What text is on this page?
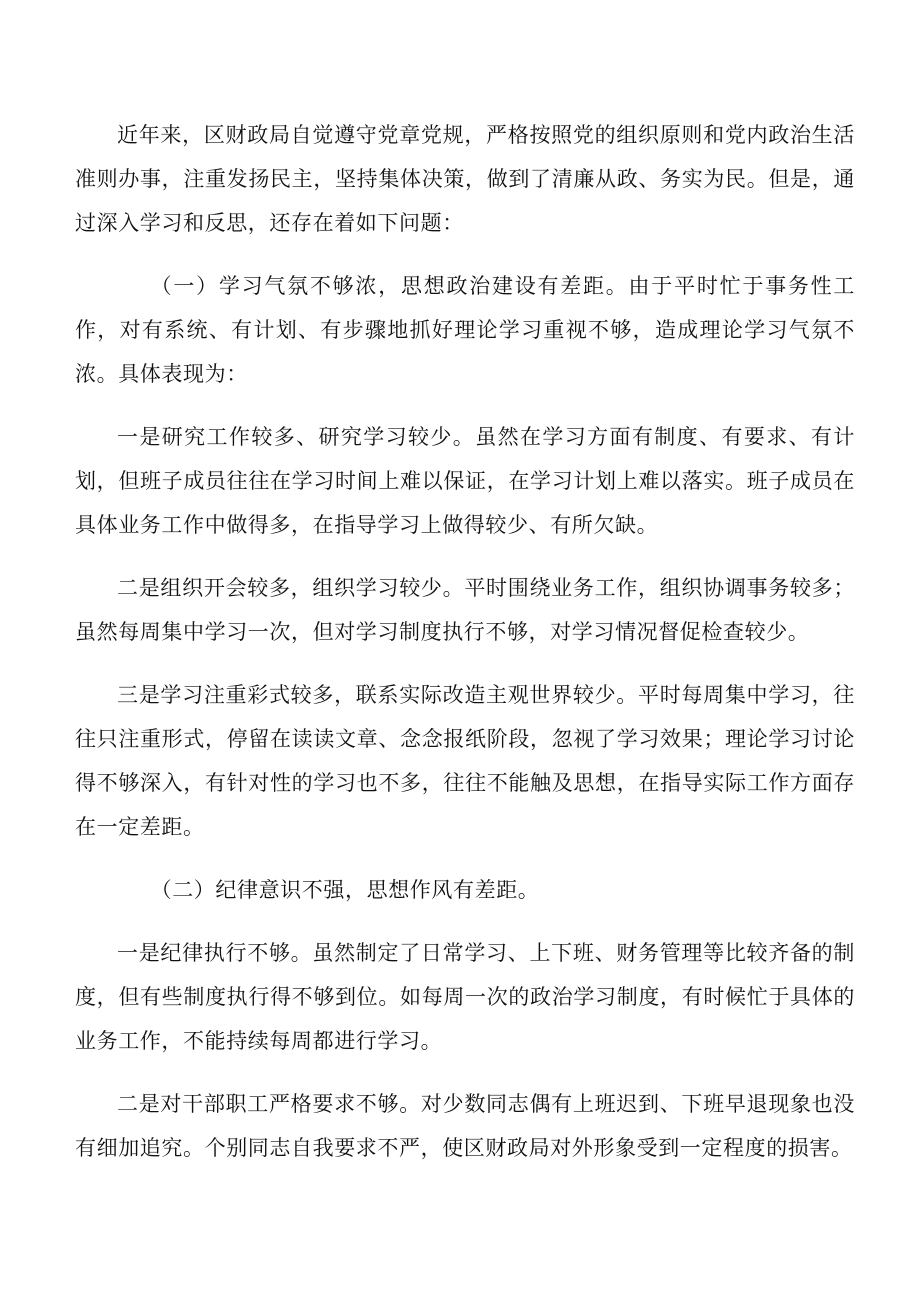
近年来，区财政局自觉遵守党章党规，严格按照党的组织原则和党内政治生活准则办事，注重发扬民主，坚持集体决策，做到了清廉从政、务实为民。但是，通过深入学习和反思，还存在着如下问题：

（一）学习气氛不够浓，思想政治建设有差距。由于平时忙于事务性工作，对有系统、有计划、有步骤地抓好理论学习重视不够，造成理论学习气氛不浓。具体表现为：

一是研究工作较多、研究学习较少。虽然在学习方面有制度、有要求、有计划，但班子成员往往在学习时间上难以保证，在学习计划上难以落实。班子成员在具体业务工作中做得多，在指导学习上做得较少、有所欠缺。

二是组织开会较多，组织学习较少。平时围绕业务工作，组织协调事务较多；虽然每周集中学习一次，但对学习制度执行不够，对学习情况督促检查较少。

三是学习注重彩式较多，联系实际改造主观世界较少。平时每周集中学习，往往只注重形式，停留在读读文章、念念报纸阶段，忽视了学习效果；理论学习讨论得不够深入，有针对性的学习也不多，往往不能触及思想，在指导实际工作方面存在一定差距。

（二）纪律意识不强，思想作风有差距。

一是纪律执行不够。虽然制定了日常学习、上下班、财务管理等比较齐备的制度，但有些制度执行得不够到位。如每周一次的政治学习制度，有时候忙于具体的业务工作，不能持续每周都进行学习。

二是对干部职工严格要求不够。对少数同志偶有上班迟到、下班早退现象也没有细加追究。个别同志自我要求不严，使区财政局对外形象受到一定程度的损害。
